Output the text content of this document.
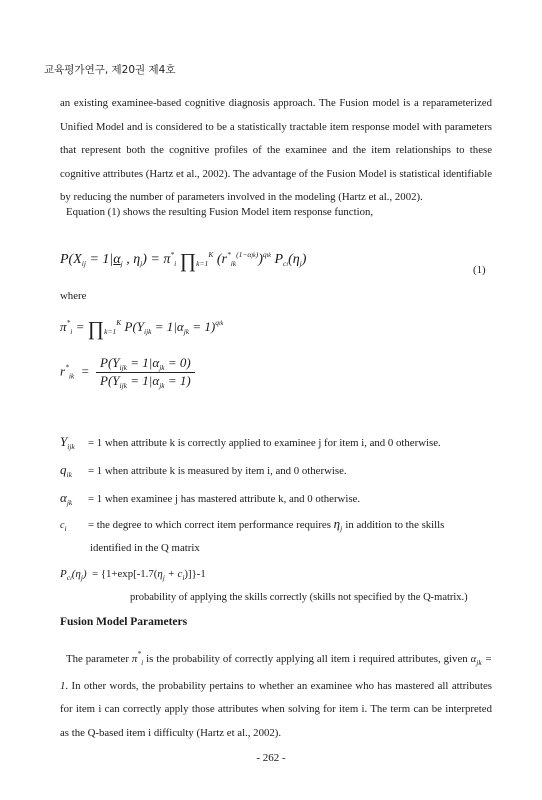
교육평가연구, 제20권 제4호
an existing examinee-based cognitive diagnosis approach. The Fusion model is a reparameterized Unified Model and is considered to be a statistically tractable item response model with parameters that represent both the cognitive profiles of the examinee and the item relationships to these cognitive attributes (Hartz et al., 2002). The advantage of the Fusion Model is statistical identifiable by reducing the number of parameters involved in the modeling (Hartz et al., 2002).
Equation (1) shows the resulting Fusion Model item response function,
$P(X_{ij} = 1|\alpha_j$ , $\eta_j) = \pi^*_i$ $\prod_{k=1}^K$ $(r^*_{ik}^{(1-\alpha jk)})^{qik}$ $P_{ci}(\eta_j)$
(1)
where
$\pi^*_i$ = $\prod_{k=1}^K$ $P(Y_{ijk} = 1|\alpha_{jk} = 1)^{qik}$
$r^*_{ik} = \frac{P(Y_{ijk} = 1|\alpha_{jk} = 0)}{P(Y_{ijk} = 1|\alpha_{jk} = 1)}$
$Y_{ijk} = 1$ when attribute k is correctly applied to examinee j for item i, and 0 otherwise.
$q_{ik} = 1$ when attribute k is measured by item i, and 0 otherwise.
$\alpha_{jk} = 1$ when examinee j has mastered attribute k, and 0 otherwise.
$c_i$ = the degree to which correct item performance requires $\eta_j$ in addition to the skills
identified in the Q matrix
$P_{ci}(\eta_j) = \{1+\exp[-1.7(\eta_j + c_i)]\}-1$
probability of applying the skills correctly (skills not specified by the Q-matrix.)
Fusion Model Parameters
The parameter $\pi^*_i$ is the probability of correctly applying all item i required attributes, given $\alpha_{jk} = 1$. In other words, the probability pertains to whether an examinee who has mastered all attributes for item i can correctly apply those attributes when solving for item i. The term can be interpreted as the Q-based item i difficulty (Hartz et al., 2002).
- 262 -
